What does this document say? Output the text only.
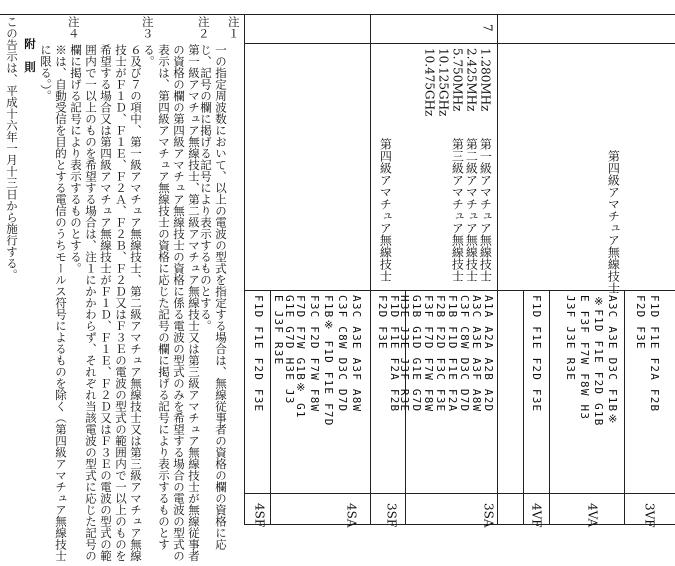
第四級アマチュア無線技士
F1D F1E F2A F2B
F2D F3E
A3C A3E D3C F1B※
※F1D F1E F2D G1B
E F3F F7W F8W H3
J3F J3E R3E
F1D F1E F2D F3E
3VF
4VA
4VF
7
1.280MHz
2.425MHz
5.750MHz
10.125GHz
10.475GHz
第一級アマチュア無線技士
第二級アマチュア無線技士
第三級アマチュア無線技士
第四級アマチュア無線技士
A1A A2A A2B A2D
A3C A3E A3F A8W
C3F C8W D3C D7D
F1B F1D F1E F2A
F2B F2D F3C F3E
F3F F7D F7W F8W
G1B G1D G1E G7D
H3E J3E J3F R3E
F1D F1E F2A F2B
F2D F3E
3SA
3SF
A3C A3E A3F A8W
C3F C8W D3C D7D
F1B※ F1D F1E F7D
F3C F2D F7W F8W
F7D F7W G1B※ G1
G1E G7D H3E J3
E J3F R3E
F1D F1E F2D F3E
4SA
4SF
注１
一の指定周波数において、以上の電波の型式を指定する場合は、無線従事者の資格の欄の資格に応じ、記号の欄に掲げる記号により表示するものとする。
注２
第一級アマチュア無線技士、第二級アマチュア無線技士又は第三級アマチュア無線技士が無線従事者の資格の欄の第四級アマチュア無線技士の資格に係る電波の型式のみを希望する場合の電波の型式の表示は、第四級アマチュア無線技士の資格に応じた記号の欄に掲げる記号により表示するものとする。
注３
６及び７の項中、第一級アマチュア無線技士、第二級アマチュア無線技士又は第三級アマチュア無線技士がＦ１Ｄ、Ｆ１Ｅ、Ｆ２Ａ、Ｆ２Ｂ、Ｆ２Ｄ又はＦ３Ｅの電波の型式の範囲内で一以上のものを希望する場合又は第四級アマチュア無線技士がＦ１Ｄ、Ｆ１Ｅ、Ｆ２Ｄ又はＦ３Ｅの電波の型式の範囲内で一以上のものを希望する場合は、注１にかかわらず、それぞれ当該電波の型式に応じた記号の欄に掲げる記号により表示するものとする。
注４
※は、自動受信を目的とする電信のうちモールス符号によるものを除く（第四級アマチュア無線技士に限る。）。
附　則
この告示は、平成十六年一月十三日から施行する。
